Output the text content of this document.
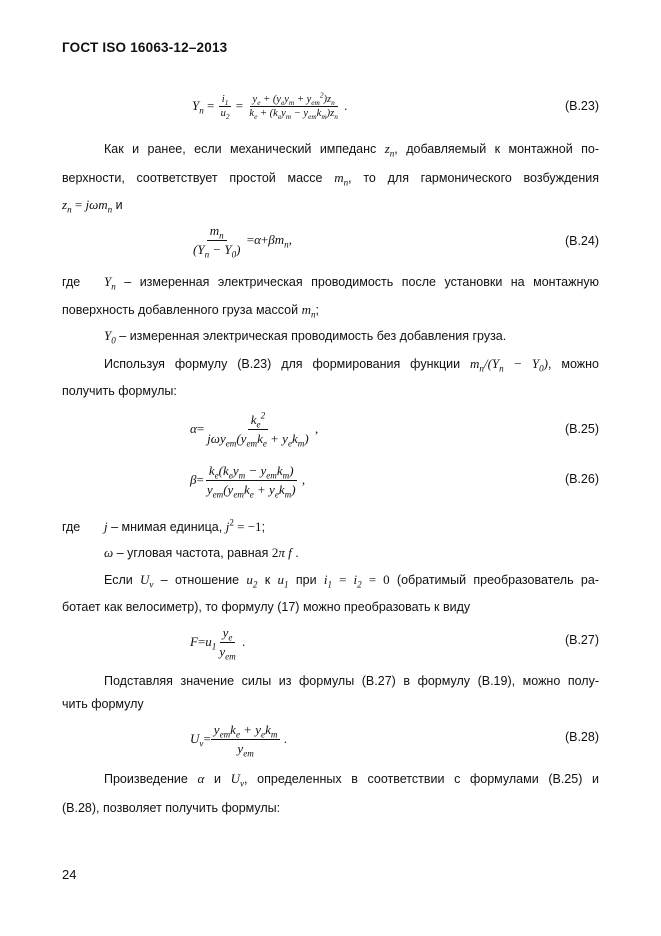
ГОСТ ISO 16063-12–2013
$Y_n = \frac{i_1}{u_2} = y_e + (y_ey_m + y_{em}^2)z_n$
$k_e + (k_ey_m - y_{em}k_m)z_n$
.	(B.23)
Как и ранее, если механический импеданс $z_n$, добавляемый к монтажной по-
верхности, соответствует простой массе $m_n$, то для гармонического возбуждения
$z_n = j\omega m_n$ и
$\frac{m_n}{(Y_n - Y_0)} = \alpha + \beta m_n$ ,	(B.24)
где $Y_n$ – измеренная электрическая проводимость после установки на монтажную
поверхность добавленного груза массой $m_n$;
$Y_0$ – измеренная электрическая проводимость без добавления груза.
Используя формулу (B.23) для формирования функции $m_n/(Y_n - Y_0)$, можно
получить формулы:
α =
$k_e^2$
$j\omega y_{em}(y_{em}k_e + y_ek_m)$
,	(B.25)
β =
$k_e(k_ey_m - y_{em}k_m)$
$y_{em}(y_{em}k_e + y_ek_m)$
,	(B.26)
где j – мнимая единица, $j^2 = -1$;
ω – угловая частота, равная 2π f .
Если $U_v$ – отношение $u_2$ к $u_1$ при $i_1 = i_2 = 0$ (обратимый преобразователь ра-
ботает как велосиметр), то формулу (17) можно преобразовать к виду
$F = u_1$
$y_e$
$y_{em}$
.	(B.27)
Подставляя значение силы из формулы (B.27) в формулу (B.19), можно полу-
чить формулу
$U_v$ =
$y_{em}k_e + y_ek_m$
$y_{em}$
.	(B.28)
Произведение α и $U_v$, определенных в соответствии с формулами (B.25) и
(B.28), позволяет получить формулы:
24
